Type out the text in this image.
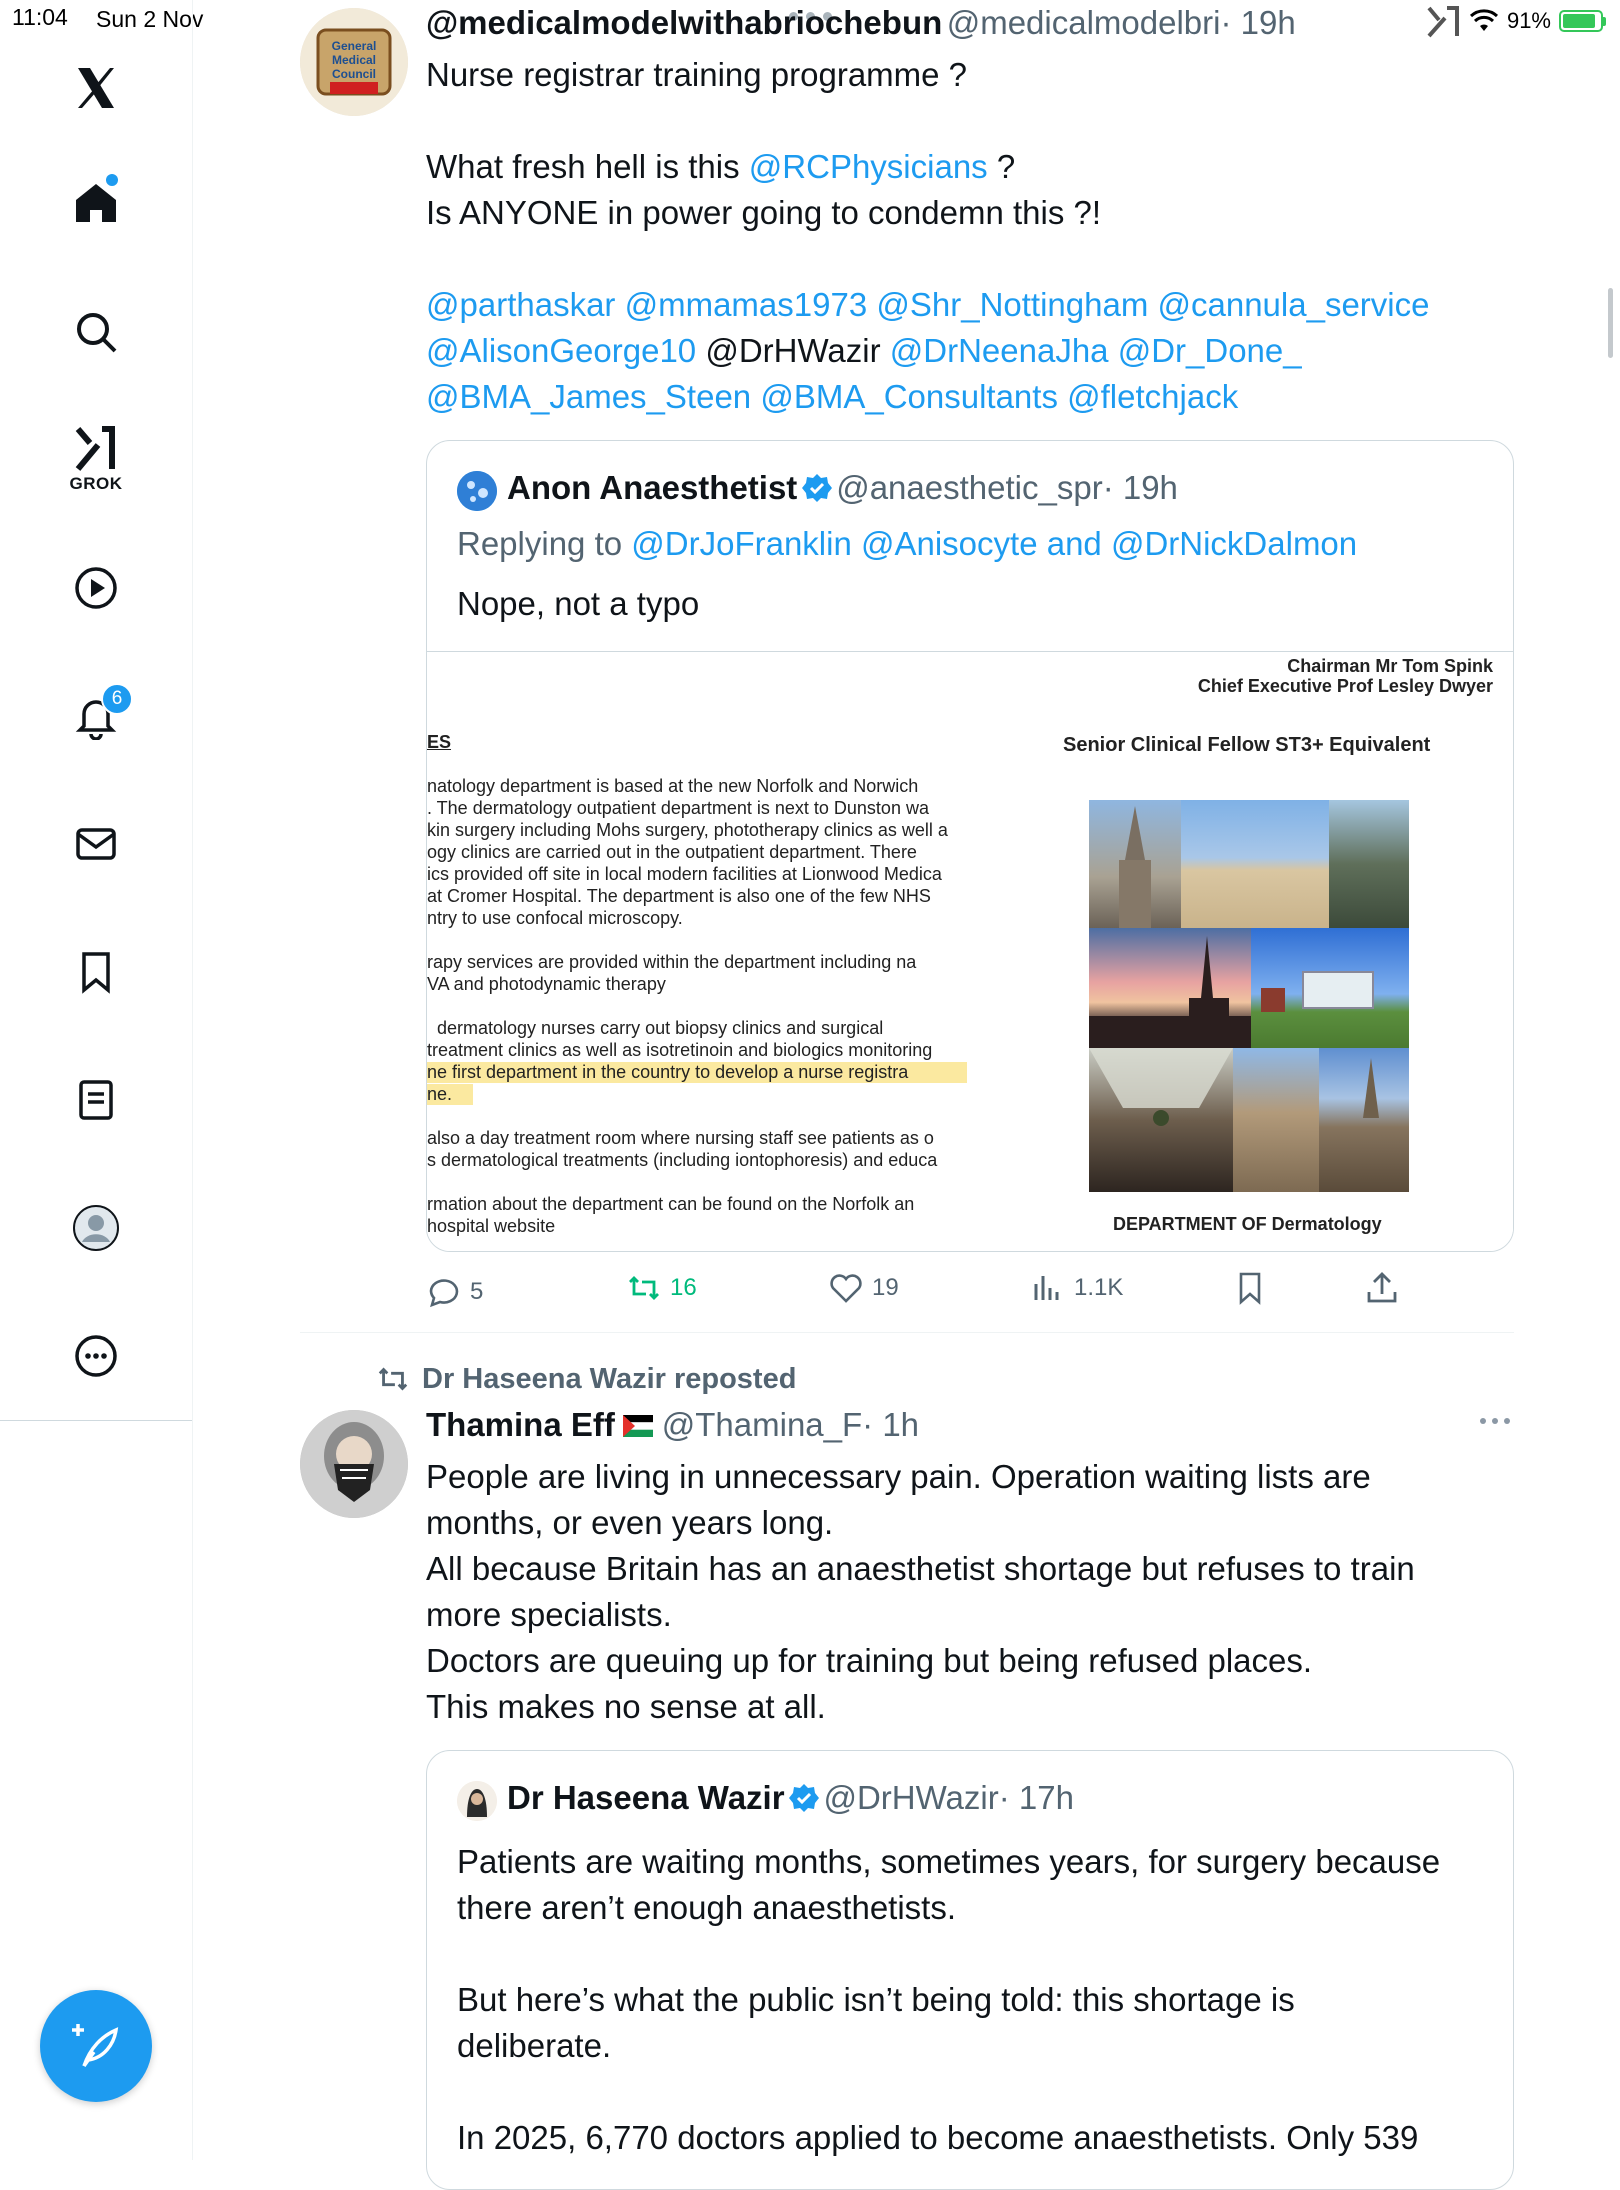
11:04 Sun 2 Nov	91%
GROK
6
General
Medical
Council
@medicalmodelwithabriochebun @medicalmodelbri· 19h
Nurse registrar training programme ?
What fresh hell is this @RCPhysicians ?
Is ANYONE in power going to condemn this ?!
@parthaskar @mmamas1973 @Shr_Nottingham @cannula_service
@AlisonGeorge10 @DrHWazir @DrNeenaJha @Dr_Done_
@BMA_James_Steen @BMA_Consultants @fletchjack
Anon Anaesthetist @anaesthetic_spr· 19h
Replying to @DrJoFranklin @Anisocyte and @DrNickDalmon
Nope, not a typo
Chairman Mr Tom Spink
Chief Executive Prof Lesley Dwyer
ES	Senior Clinical Fellow ST3+ Equivalent
natology department is based at the new Norfolk and Norwich
. The dermatology outpatient department is next to Dunston wa
kin surgery including Mohs surgery, phototherapy clinics as well a
ogy clinics are carried out in the outpatient department. There
ics provided off site in local modern facilities at Lionwood Medica
at Cromer Hospital. The department is also one of the few NHS
ntry to use confocal microscopy.
rapy services are provided within the department including na
VA and photodynamic therapy
dermatology nurses carry out biopsy clinics and surgical
treatment clinics as well as isotretinoin and biologics monitoring
ne first department in the country to develop a nurse registra
ne.
also a day treatment room where nursing staff see patients as o
s dermatological treatments (including iontophoresis) and educa
rmation about the department can be found on the Norfolk an
hospital website	DEPARTMENT OF Dermatology
5	16	19	1.1K
Dr Haseena Wazir reposted
Thamina Eff @Thamina_F· 1h
People are living in unnecessary pain. Operation waiting lists are
months, or even years long.
All because Britain has an anaesthetist shortage but refuses to train
more specialists.
Doctors are queuing up for training but being refused places.
This makes no sense at all.
Dr Haseena Wazir @DrHWazir· 17h
Patients are waiting months, sometimes years, for surgery because
there aren’t enough anaesthetists.
But here’s what the public isn’t being told: this shortage is
deliberate.
In 2025, 6,770 doctors applied to become anaesthetists. Only 539
